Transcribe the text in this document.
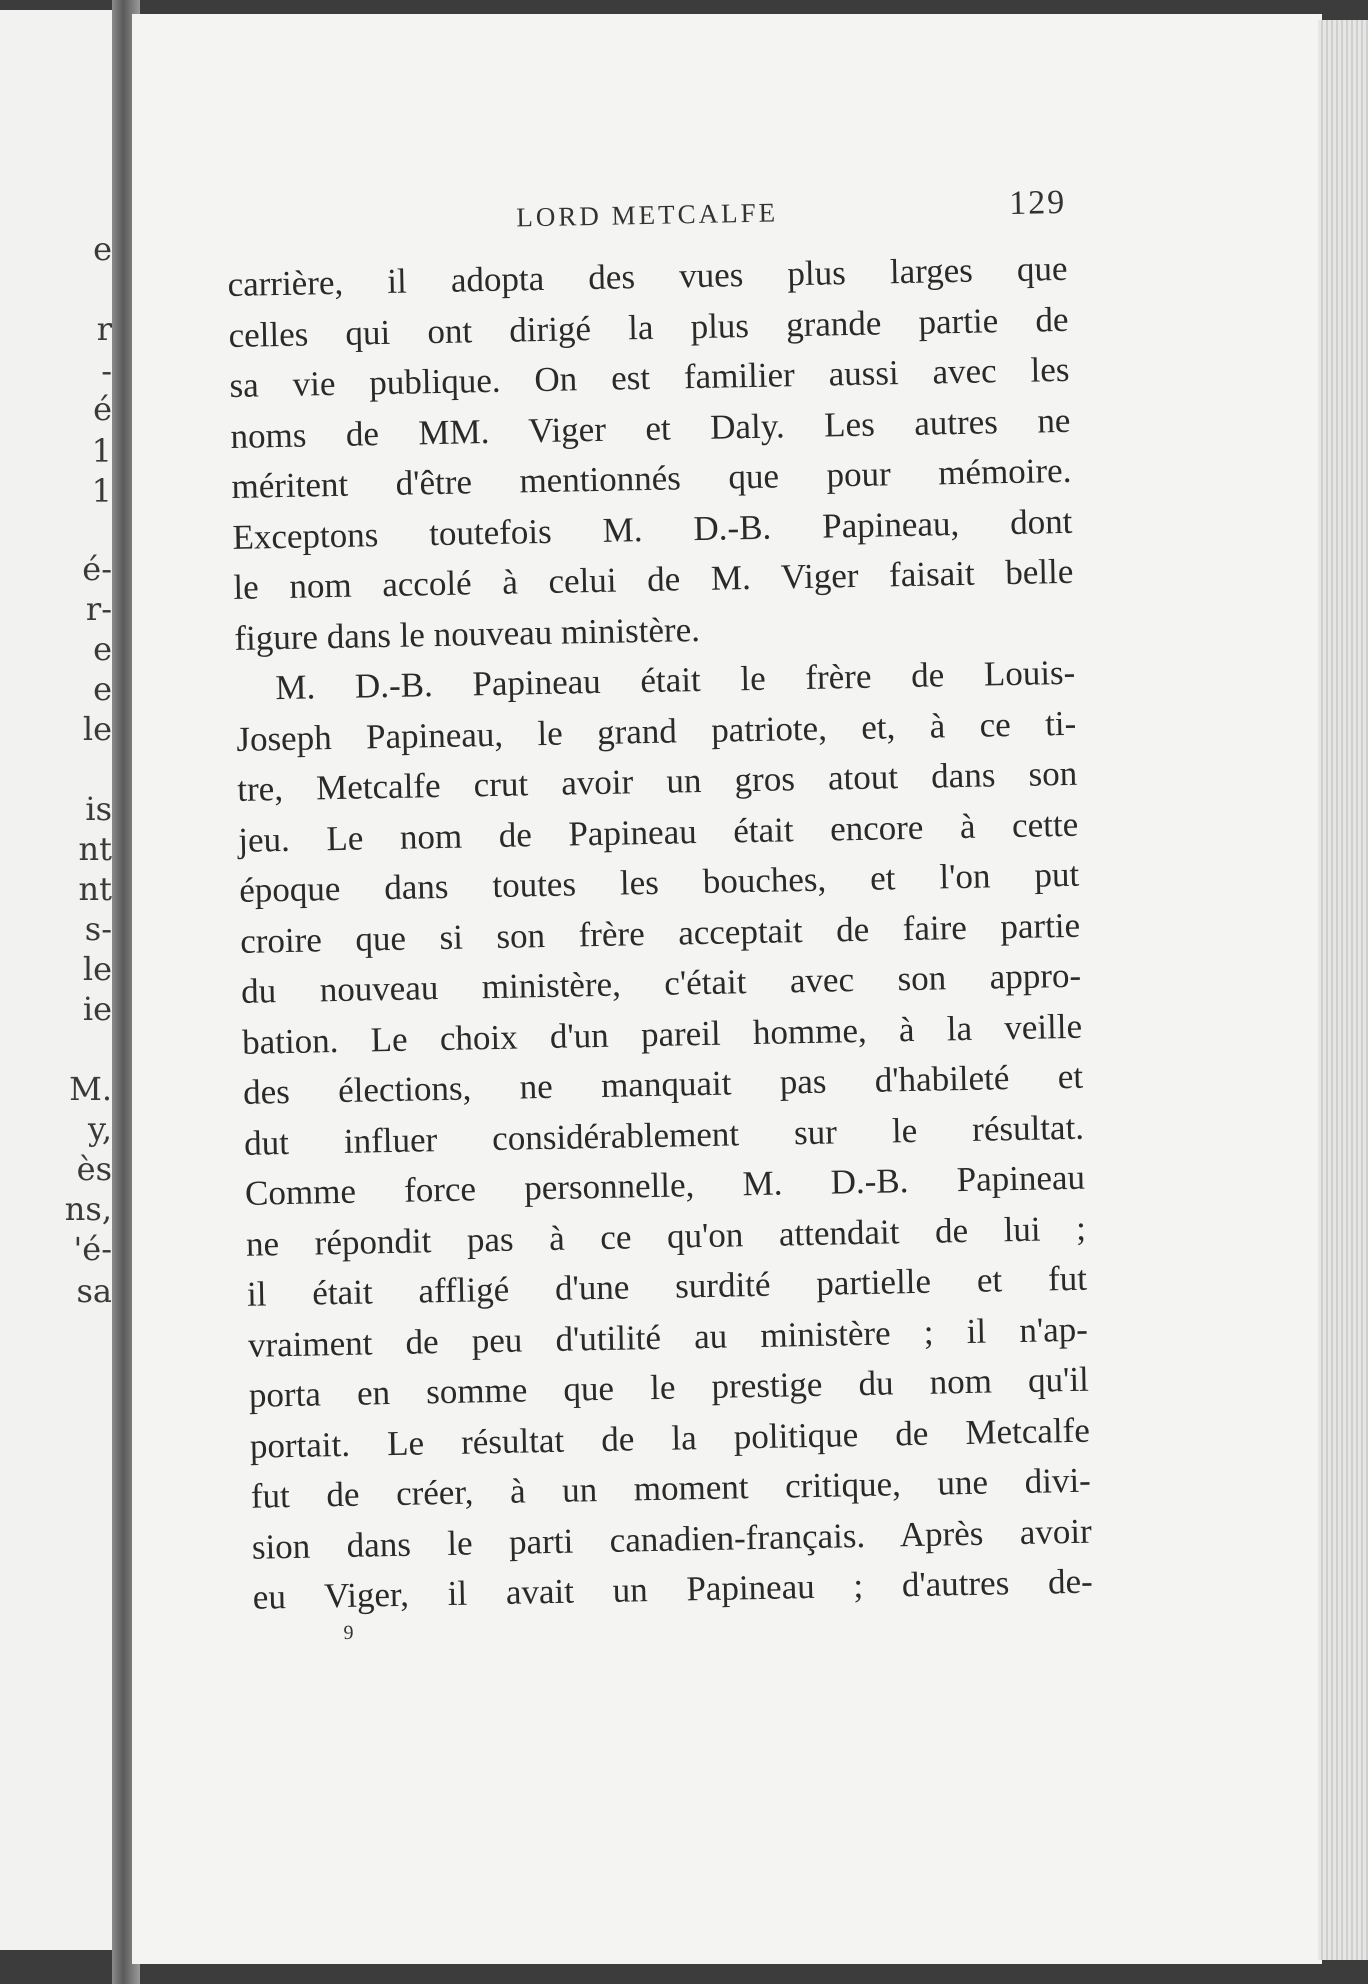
e
r
-
é
1
1
é-
r-
e
e
le
is
nt
nt
s-
le
ie
M.
y,
ès
ns,
'é-
sa
LORD METCALFE	129
carrière, il adopta des vues plus larges que
celles qui ont dirigé la plus grande partie de
sa vie publique. On est familier aussi avec les
noms de MM. Viger et Daly. Les autres ne
méritent d'être mentionnés que pour mémoire.
Exceptons toutefois M. D.-B. Papineau, dont
le nom accolé à celui de M. Viger faisait belle
figure dans le nouveau ministère.
M. D.-B. Papineau était le frère de Louis-
Joseph Papineau, le grand patriote, et, à ce ti-
tre, Metcalfe crut avoir un gros atout dans son
jeu. Le nom de Papineau était encore à cette
époque dans toutes les bouches, et l'on put
croire que si son frère acceptait de faire partie
du nouveau ministère, c'était avec son appro-
bation. Le choix d'un pareil homme, à la veille
des élections, ne manquait pas d'habileté et
dut influer considérablement sur le résultat.
Comme force personnelle, M. D.-B. Papineau
ne répondit pas à ce qu'on attendait de lui ;
il était affligé d'une surdité partielle et fut
vraiment de peu d'utilité au ministère ; il n'ap-
porta en somme que le prestige du nom qu'il
portait. Le résultat de la politique de Metcalfe
fut de créer, à un moment critique, une divi-
sion dans le parti canadien-français. Après avoir
eu Viger, il avait un Papineau ; d'autres de-
9
